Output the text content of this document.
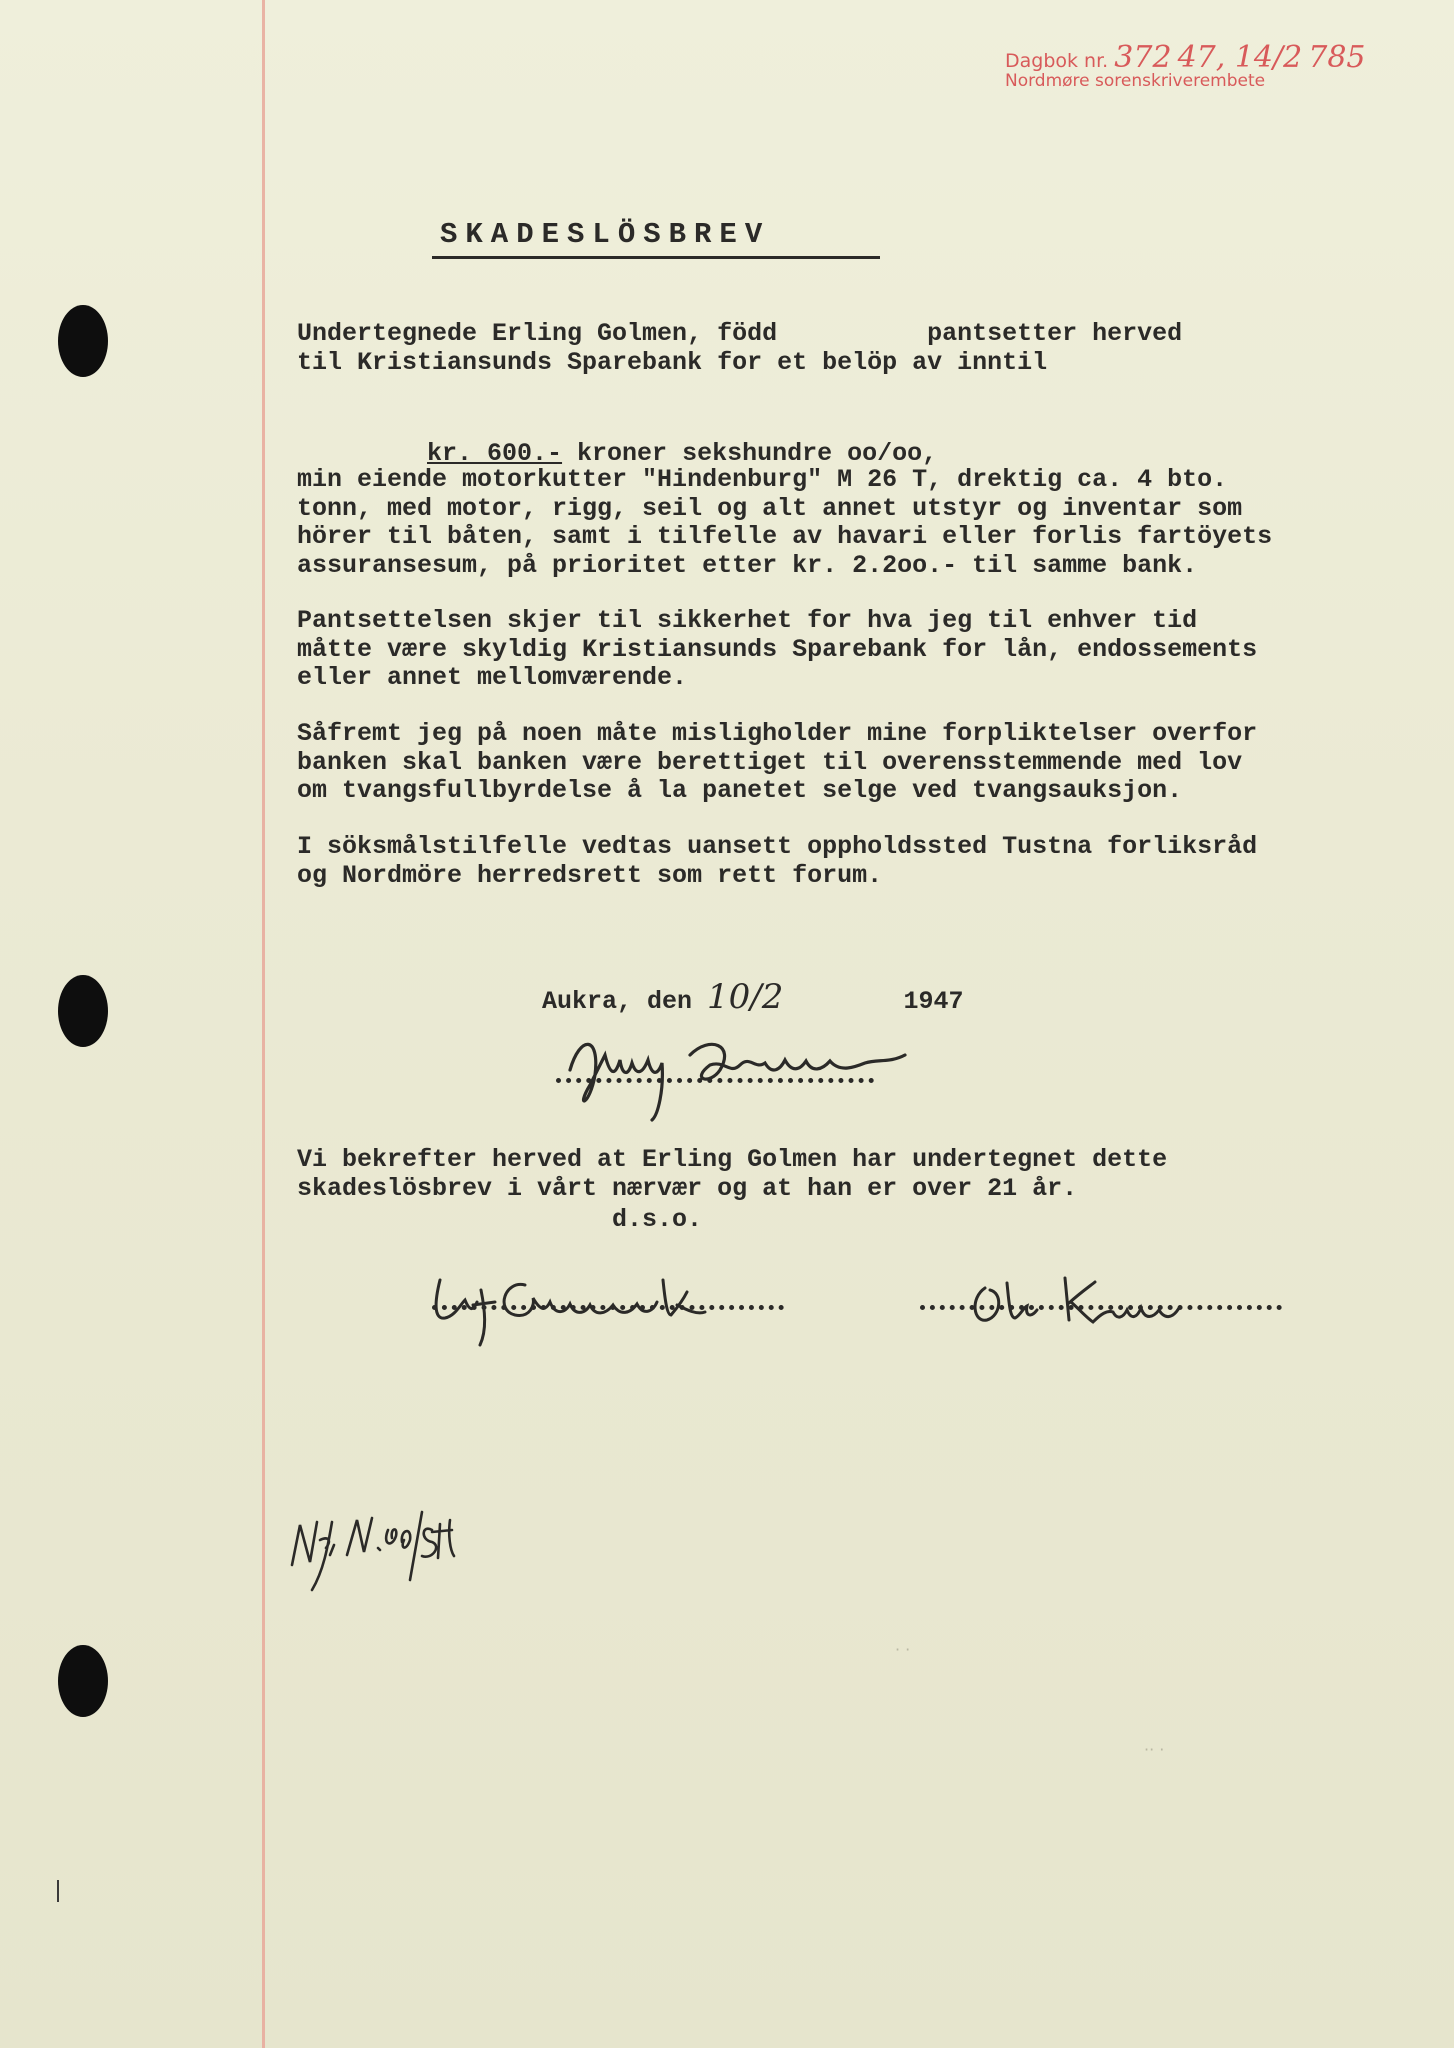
Dagbok nr. 372 47, 14/2 785
Nordmøre sorenskriverembete
SKADESLÖSBREV
Undertegnede Erling Golmen, född          pantsetter herved
til Kristiansunds Sparebank for et belöp av inntil

kr. 600.- kroner sekshundre oo/oo,

min eiende motorkutter "Hindenburg" M 26 T, drektig ca. 4 bto.
tonn, med motor, rigg, seil og alt annet utstyr og inventar som
hörer til båten, samt i tilfelle av havari eller forlis fartöyets
assuransesum, på prioritet etter kr. 2.2oo.- til samme bank.
Pantsettelsen skjer til sikkerhet for hva jeg til enhver tid
måtte være skyldig Kristiansunds Sparebank for lån, endossements
eller annet mellomværende.
Såfremt jeg på noen måte misligholder mine forpliktelser overfor
banken skal banken være berettiget til overensstemmende med lov
om tvangsfullbyrdelse å la panetet selge ved tvangsauksjon.
I söksmålstilfelle vedtas uansett oppholdssted Tustna forliksråd
og Nordmöre herredsrett som rett forum.

Aukra, den 10/2	1947

Vi bekrefter herved at Erling Golmen har undertegnet dette
skadeslösbrev i vårt nærvær og at han er over 21 år.
d.s.o.
· ·
·· ·
